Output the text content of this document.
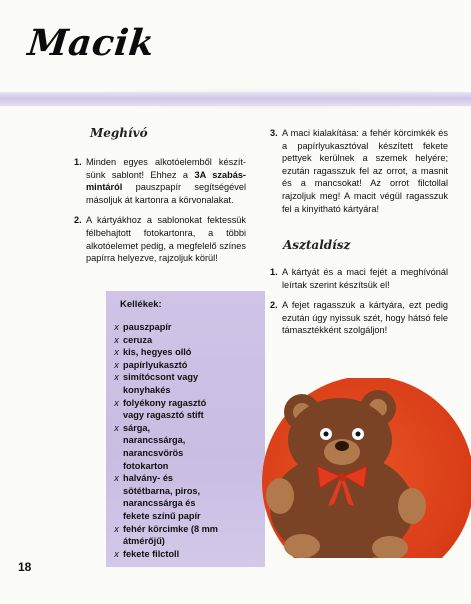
Macik
Meghívó
1. Minden egyes alkotóelemből készít-sünk sablont! Ehhez a 3A szabás-mintáról pauszpapír segítségével másoljuk át kartonra a körvonalakat.
2. A kártyákhoz a sablonokat fektessük félbehajtott fotokartonra, a többi alkotóelemet pedig, a megfelelő színes papírra helyezve, rajzoljuk körül!
3. A maci kialakítása: a fehér körcimkék és a papírlyukasztóval készített fekete pettyek kerülnek a szemek helyére; ezután ragasszuk fel az orrot, a masnit és a mancsokat! Az orrot filctollal rajzoljuk meg! A macit végül ragasszuk fel a kinyitható kártyára!
Asztaldísz
1. A kártyát és a maci fejét a meghívónál leírtak szerint készítsük el!
2. A fejet ragasszuk a kártyára, ezt pedig ezután úgy nyissuk szét, hogy hátsó fele támasztékként szolgáljon!
Kellékek:
x pauszpapír
x ceruza
x kis, hegyes olló
x papírlyukasztó
x simítócsont vagy konyhakés
x folyékony ragasztó vagy ragasztó stift
x sárga, narancssárga, narancsvörös fotokarton
x halvány- és sötétbarna, piros, narancssárga és fekete színű papír
x fehér körcimke (8 mm átmérőjű)
x fekete filctoll
18
